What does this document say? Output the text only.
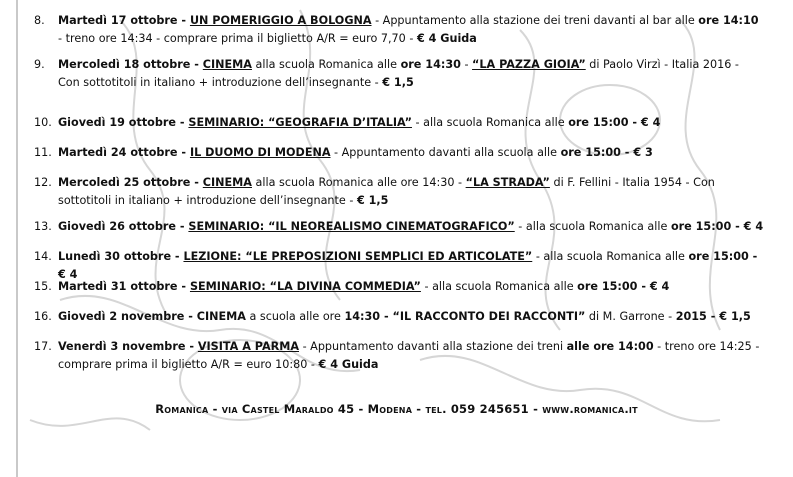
8. Martedì 17 ottobre - UN POMERIGGIO A BOLOGNA - Appuntamento alla stazione dei treni davanti al bar alle ore 14:10 - treno ore 14:34 - comprare prima il biglietto A/R = euro 7,70 - € 4 Guida
9. Mercoledì 18 ottobre - CINEMA alla scuola Romanica alle ore 14:30 - “LA PAZZA GIOIA” di Paolo Virzì - Italia 2016 - Con sottotitoli in italiano + introduzione dell’insegnante - € 1,5
10. Giovedì 19 ottobre - SEMINARIO: “GEOGRAFIA D’ITALIA” - alla scuola Romanica alle ore 15:00 - € 4
11. Martedì 24 ottobre - IL DUOMO DI MODENA - Appuntamento davanti alla scuola alle ore 15:00 - € 3
12. Mercoledì 25 ottobre - CINEMA alla scuola Romanica alle ore 14:30 - “LA STRADA” di F. Fellini - Italia 1954 - Con sottotitoli in italiano + introduzione dell’insegnante - € 1,5
13. Giovedì 26 ottobre - SEMINARIO: “IL NEOREALISMO CINEMATOGRAFICO” - alla scuola Romanica alle ore 15:00 - € 4
14. Lunedì 30 ottobre - LEZIONE: “LE PREPOSIZIONI SEMPLICI ED ARTICOLATE” - alla scuola Romanica alle ore 15:00 - € 4
15. Martedì 31 ottobre - SEMINARIO: “LA DIVINA COMMEDIA” - alla scuola Romanica alle ore 15:00 - € 4
16. Giovedì 2 novembre - CINEMA a scuola alle ore 14:30 - “IL RACCONTO DEI RACCONTI” di M. Garrone - 2015 - € 1,5
17. Venerdì 3 novembre - VISITA A PARMA - Appuntamento davanti alla stazione dei treni alle ore 14:00 - treno ore 14:25 - comprare prima il biglietto A/R = euro 10:80 - € 4 Guida
Romanica - via Castel Maraldo 45 - Modena - tel. 059 245651 - www.romanica.it
